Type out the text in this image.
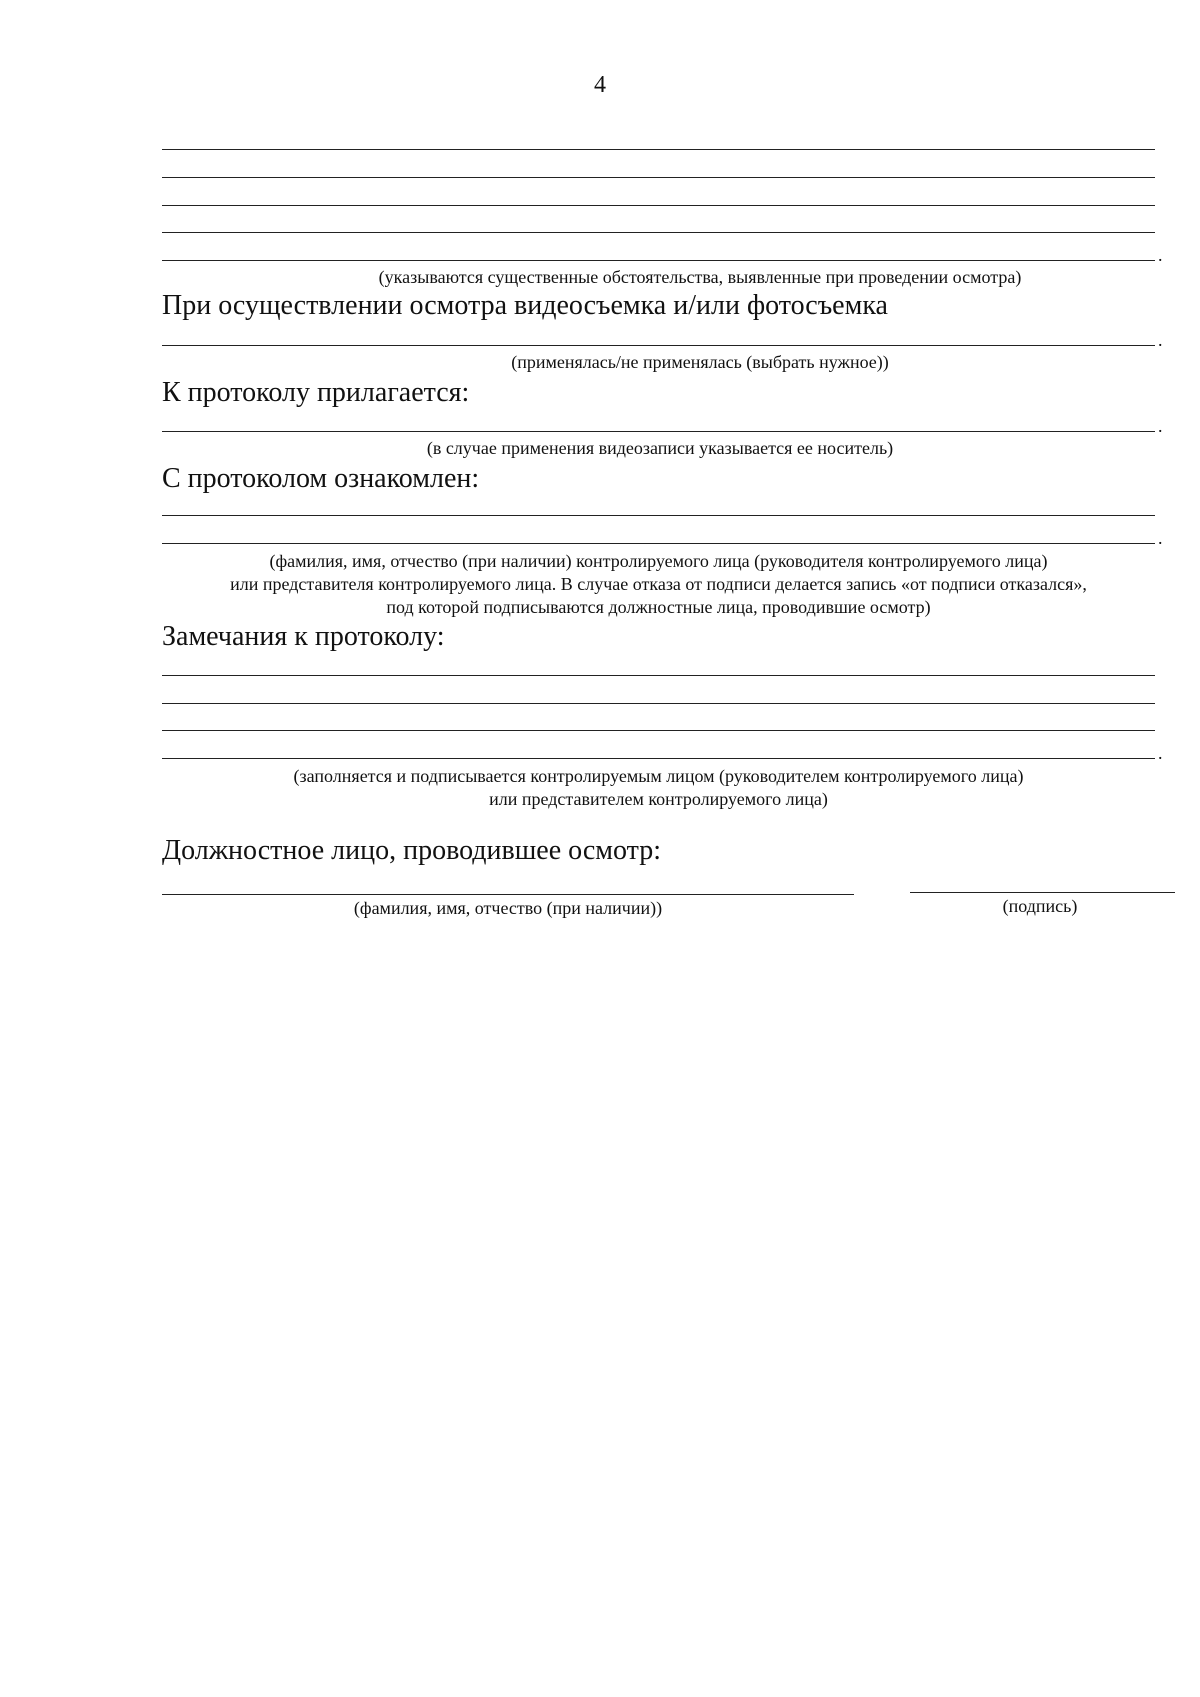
4
.
(указываются существенные обстоятельства, выявленные при проведении осмотра)
При осуществлении осмотра видеосъемка и/или фотосъемка
.
(применялась/не применялась (выбрать нужное))
К протоколу прилагается:
.
(в случае применения видеозаписи указывается ее носитель)
С протоколом ознакомлен:
.
(фамилия, имя, отчество (при наличии) контролируемого лица (руководителя контролируемого лица)
или представителя контролируемого лица. В случае отказа от подписи делается запись «от подписи отказался»,
под которой подписываются должностные лица, проводившие осмотр)
Замечания к протоколу:
.
(заполняется и подписывается контролируемым лицом (руководителем контролируемого лица)
или представителем контролируемого лица)
Должностное лицо, проводившее осмотр:
(фамилия, имя, отчество (при наличии))	(подпись)
